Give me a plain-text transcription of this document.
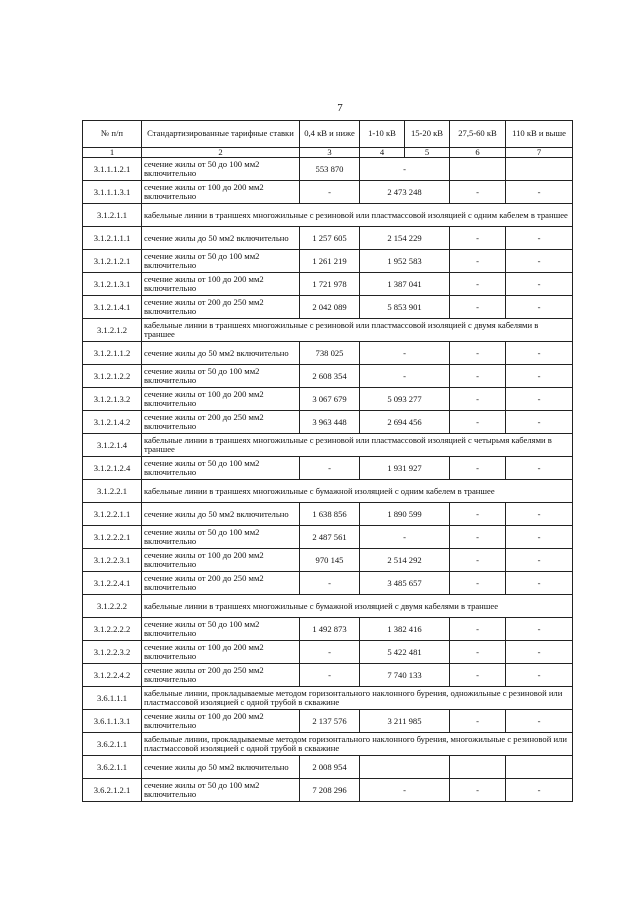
7
№ п/п	Стандартизированные тарифные ставки	0,4 кВ и ниже	1-10 кВ	15-20 кВ	27,5-60 кВ	110 кВ и выше
1	2	3	4	5	6	7
3.1.1.1.2.1	сечение жилы от 50 до 100 мм2 включительно	553 870	-			
3.1.1.1.3.1	сечение жилы от 100 до 200 мм2 включительно	-	2 473 248		-	-
3.1.2.1.1	кабельные линии в траншеях многожильные с резиновой или пластмассовой изоляцией с одним кабелем в траншее					
3.1.2.1.1.1	сечение жилы до 50 мм2 включительно	1 257 605	2 154 229		-	-
3.1.2.1.2.1	сечение жилы от 50 до 100 мм2 включительно	1 261 219	1 952 583		-	-
3.1.2.1.3.1	сечение жилы от 100 до 200 мм2 включительно	1 721 978	1 387 041		-	-
3.1.2.1.4.1	сечение жилы от 200 до 250 мм2 включительно	2 042 089	5 853 901		-	-
3.1.2.1.2	кабельные линии в траншеях многожильные с резиновой или пластмассовой изоляцией с двумя кабелями в траншее					
3.1.2.1.1.2	сечение жилы до 50 мм2 включительно	738 025	-		-	-
3.1.2.1.2.2	сечение жилы от 50 до 100 мм2 включительно	2 608 354	-		-	-
3.1.2.1.3.2	сечение жилы от 100 до 200 мм2 включительно	3 067 679	5 093 277		-	-
3.1.2.1.4.2	сечение жилы от 200 до 250 мм2 включительно	3 963 448	2 694 456		-	-
3.1.2.1.4	кабельные линии в траншеях многожильные с резиновой или пластмассовой изоляцией с четырьмя кабелями в траншее					
3.1.2.1.2.4	сечение жилы от 50 до 100 мм2 включительно	-	1 931 927		-	-
3.1.2.2.1	кабельные линии в траншеях многожильные с бумажной изоляцией с одним кабелем в траншее					
3.1.2.2.1.1	сечение жилы до 50 мм2 включительно	1 638 856	1 890 599		-	-
3.1.2.2.2.1	сечение жилы от 50 до 100 мм2 включительно	2 487 561	-		-	-
3.1.2.2.3.1	сечение жилы от 100 до 200 мм2 включительно	970 145	2 514 292		-	-
3.1.2.2.4.1	сечение жилы от 200 до 250 мм2 включительно	-	3 485 657		-	-
3.1.2.2.2	кабельные линии в траншеях многожильные с бумажной изоляцией с двумя кабелями в траншее					
3.1.2.2.2.2	сечение жилы от 50 до 100 мм2 включительно	1 492 873	1 382 416		-	-
3.1.2.2.3.2	сечение жилы от 100 до 200 мм2 включительно	-	5 422 481		-	-
3.1.2.2.4.2	сечение жилы от 200 до 250 мм2 включительно	-	7 740 133		-	-
3.6.1.1.1	кабельные линии, прокладываемые методом горизонтального наклонного бурения, одножильные с резиновой или пластмассовой изоляцией с одной трубой в скважине					
3.6.1.1.3.1	сечение жилы от 100 до 200 мм2 включительно	2 137 576	3 211 985		-	-
3.6.2.1.1	кабельные линии, прокладываемые методом горизонтального наклонного бурения, многожильные с резиновой или пластмассовой изоляцией с одной трубой в скважине					
3.6.2.1.1	сечение жилы до 50 мм2 включительно	2 008 954				
3.6.2.1.2.1	сечение жилы от 50 до 100 мм2 включительно	7 208 296	-		-	-
